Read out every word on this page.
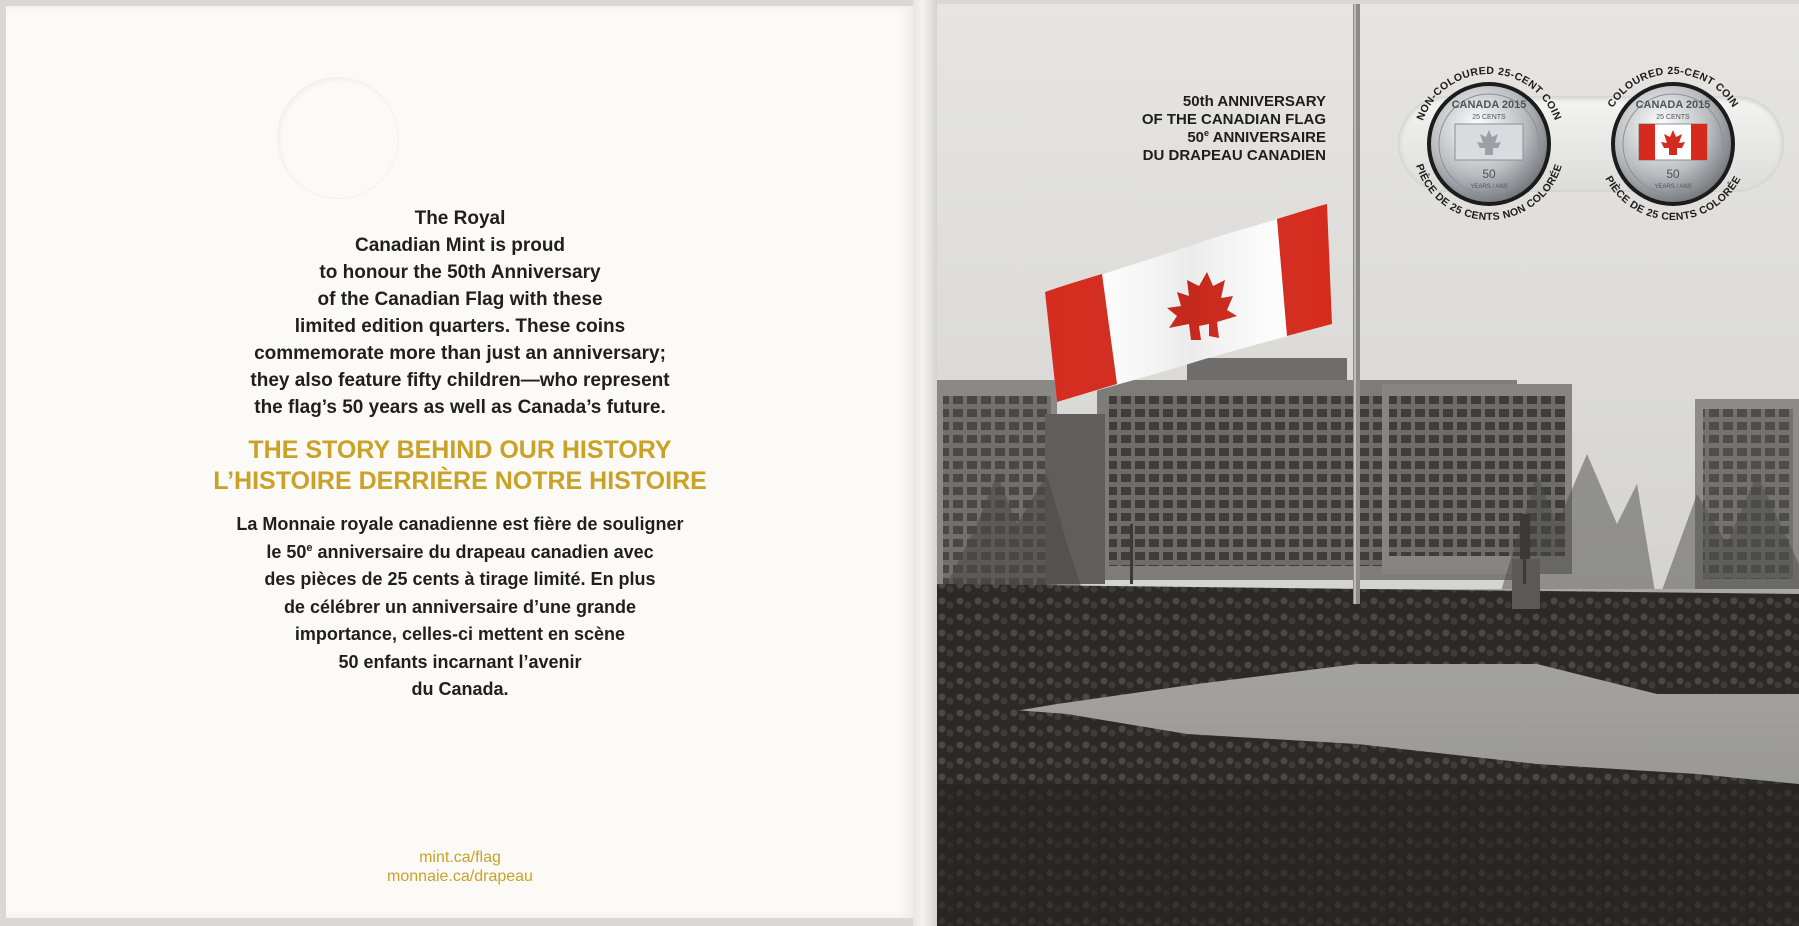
The Royal
Canadian Mint is proud
to honour the 50th Anniversary
of the Canadian Flag with these
limited edition quarters. These coins
commemorate more than just an anniversary;
they also feature fifty children—who represent
the flag’s 50 years as well as Canada’s future.
THE STORY BEHIND OUR HISTORY
L’HISTOIRE DERRIÈRE NOTRE HISTOIRE
La Monnaie royale canadienne est fière de souligner
le 50e anniversaire du drapeau canadien avec
des pièces de 25 cents à tirage limité. En plus
de célébrer un anniversaire d’une grande
importance, celles-ci mettent en scène
50 enfants incarnant l’avenir
du Canada.
mint.ca/flag
monnaie.ca/drapeau
50th ANNIVERSARY
OF THE CANADIAN FLAG
50e ANNIVERSAIRE
DU DRAPEAU CANADIEN
NON-COLOURED 25-CENT COIN
PIÈCE DE 25 CENTS NON COLORÉE
CANADA 2015
25 CENTS
50
YEARS / ANS
COLOURED 25-CENT COIN
PIÈCE DE 25 CENTS COLORÉE
CANADA 2015
25 CENTS
50
YEARS / ANS
